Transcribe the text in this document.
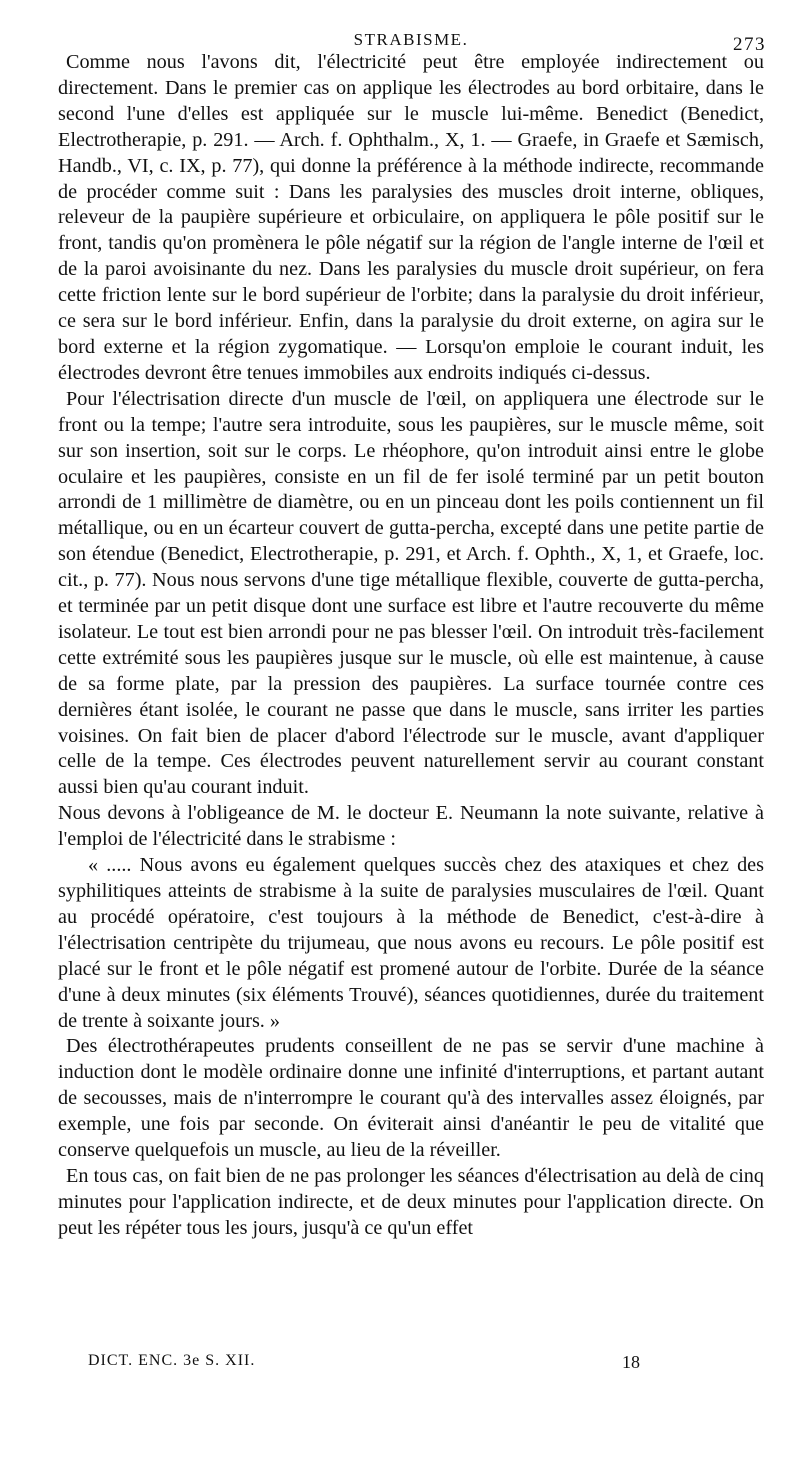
STRABISME.	273

Comme nous l'avons dit, l'électricité peut être employée indirectement ou directement. Dans le premier cas on applique les électrodes au bord orbitaire, dans le second l'une d'elles est appliquée sur le muscle lui-même. Benedict (Benedict, Electrotherapie, p. 291. — Arch. f. Ophthalm., X, 1. — Graefe, in Graefe et Sæmisch, Handb., VI, c. IX, p. 77), qui donne la préférence à la méthode indirecte, recommande de procéder comme suit : Dans les paralysies des muscles droit interne, obliques, releveur de la paupière supérieure et orbiculaire, on appliquera le pôle positif sur le front, tandis qu'on promènera le pôle négatif sur la région de l'angle interne de l'œil et de la paroi avoisinante du nez. Dans les paralysies du muscle droit supérieur, on fera cette friction lente sur le bord supérieur de l'orbite; dans la paralysie du droit inférieur, ce sera sur le bord inférieur. Enfin, dans la paralysie du droit externe, on agira sur le bord externe et la région zygomatique. — Lorsqu'on emploie le courant induit, les électrodes devront être tenues immobiles aux endroits indiqués ci-dessus.

Pour l'électrisation directe d'un muscle de l'œil, on appliquera une électrode sur le front ou la tempe; l'autre sera introduite, sous les paupières, sur le muscle même, soit sur son insertion, soit sur le corps. Le rhéophore, qu'on introduit ainsi entre le globe oculaire et les paupières, consiste en un fil de fer isolé terminé par un petit bouton arrondi de 1 millimètre de diamètre, ou en un pinceau dont les poils contiennent un fil métallique, ou en un écarteur couvert de gutta-percha, excepté dans une petite partie de son étendue (Benedict, Electrotherapie, p. 291, et Arch. f. Ophth., X, 1, et Graefe, loc. cit., p. 77). Nous nous servons d'une tige métallique flexible, couverte de gutta-percha, et terminée par un petit disque dont une surface est libre et l'autre recouverte du même isolateur. Le tout est bien arrondi pour ne pas blesser l'œil. On introduit très-facilement cette extrémité sous les paupières jusque sur le muscle, où elle est maintenue, à cause de sa forme plate, par la pression des paupières. La surface tournée contre ces dernières étant isolée, le courant ne passe que dans le muscle, sans irriter les parties voisines. On fait bien de placer d'abord l'électrode sur le muscle, avant d'appliquer celle de la tempe. Ces électrodes peuvent naturellement servir au courant constant aussi bien qu'au courant induit.

Nous devons à l'obligeance de M. le docteur E. Neumann la note suivante, relative à l'emploi de l'électricité dans le strabisme :

« ..... Nous avons eu également quelques succès chez des ataxiques et chez des syphilitiques atteints de strabisme à la suite de paralysies musculaires de l'œil. Quant au procédé opératoire, c'est toujours à la méthode de Benedict, c'est-à-dire à l'électrisation centripète du trijumeau, que nous avons eu recours. Le pôle positif est placé sur le front et le pôle négatif est promené autour de l'orbite. Durée de la séance d'une à deux minutes (six éléments Trouvé), séances quotidiennes, durée du traitement de trente à soixante jours. »

Des électrothérapeutes prudents conseillent de ne pas se servir d'une machine à induction dont le modèle ordinaire donne une infinité d'interruptions, et partant autant de secousses, mais de n'interrompre le courant qu'à des intervalles assez éloignés, par exemple, une fois par seconde. On éviterait ainsi d'anéantir le peu de vitalité que conserve quelquefois un muscle, au lieu de la réveiller.

En tous cas, on fait bien de ne pas prolonger les séances d'électrisation au delà de cinq minutes pour l'application indirecte, et de deux minutes pour l'application directe. On peut les répéter tous les jours, jusqu'à ce qu'un effet

DICT. ENC. 3e S. XII.	18
